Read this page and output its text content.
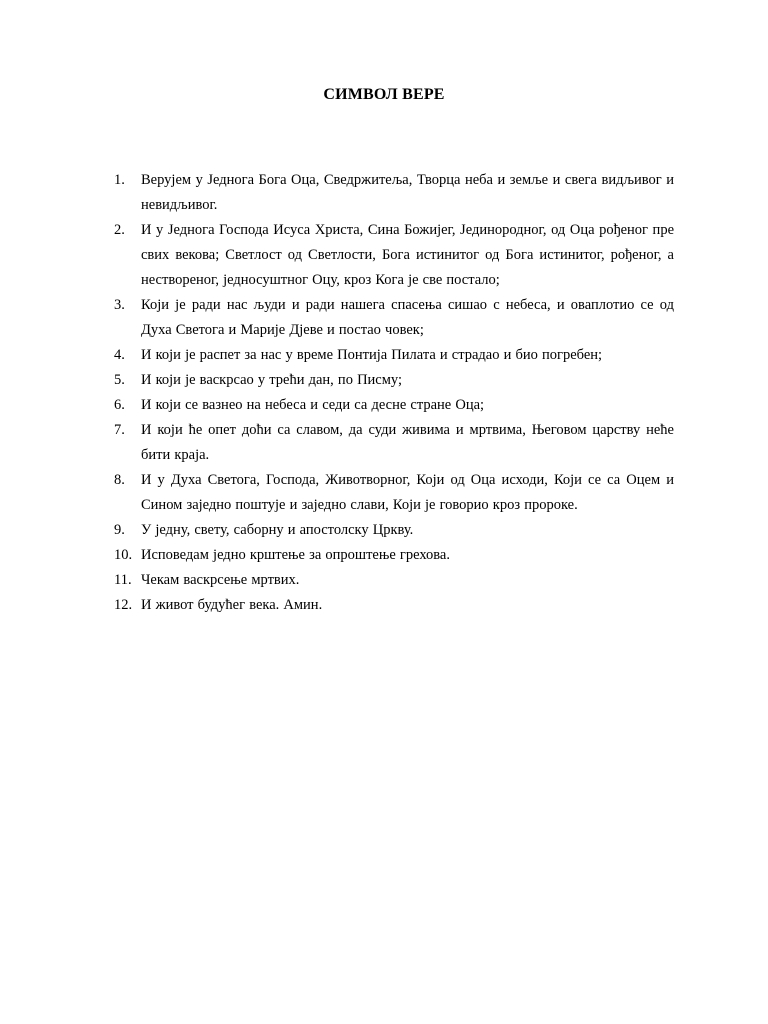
СИМВОЛ ВЕРЕ
1.	Верујем у Једнога Бога Оца, Сведржитеља, Творца неба и земље и свега видљивог и невидљивог.
2.	И у Једнога Господа Исуса Христа, Сина Божијег, Јединородног, од Оца рођеног пре свих векова; Светлост од Светлости, Бога истинитог од Бога истинитог, рођеног, а нествореног, једносуштног Оцу, кроз Кога је све постало;
3.	Који је ради нас људи и ради нашега спасења сишао с небеса, и оваплотио се од Духа Светога и Марије Дјеве и постао човек;
4.	И који је распет за нас у време Понтија Пилата и страдао и био погребен;
5.	И који је васкрсао у трећи дан, по Писму;
6.	И који се вазнео на небеса и седи са десне стране Оца;
7.	И који ће опет доћи са славом, да суди живима и мртвима, Његовом царству неће бити краја.
8.	И у Духа Светога, Господа, Животворног, Који од Оца исходи, Који се са Оцем и Сином заједно поштује и заједно слави, Који је говорио кроз пророке.
9.	У једну, свету, саборну и апостолску Цркву.
10. Исповедам једно крштење за опроштење грехова.
11. Чекам васкрсење мртвих.
12. И живот будућег века. Амин.
